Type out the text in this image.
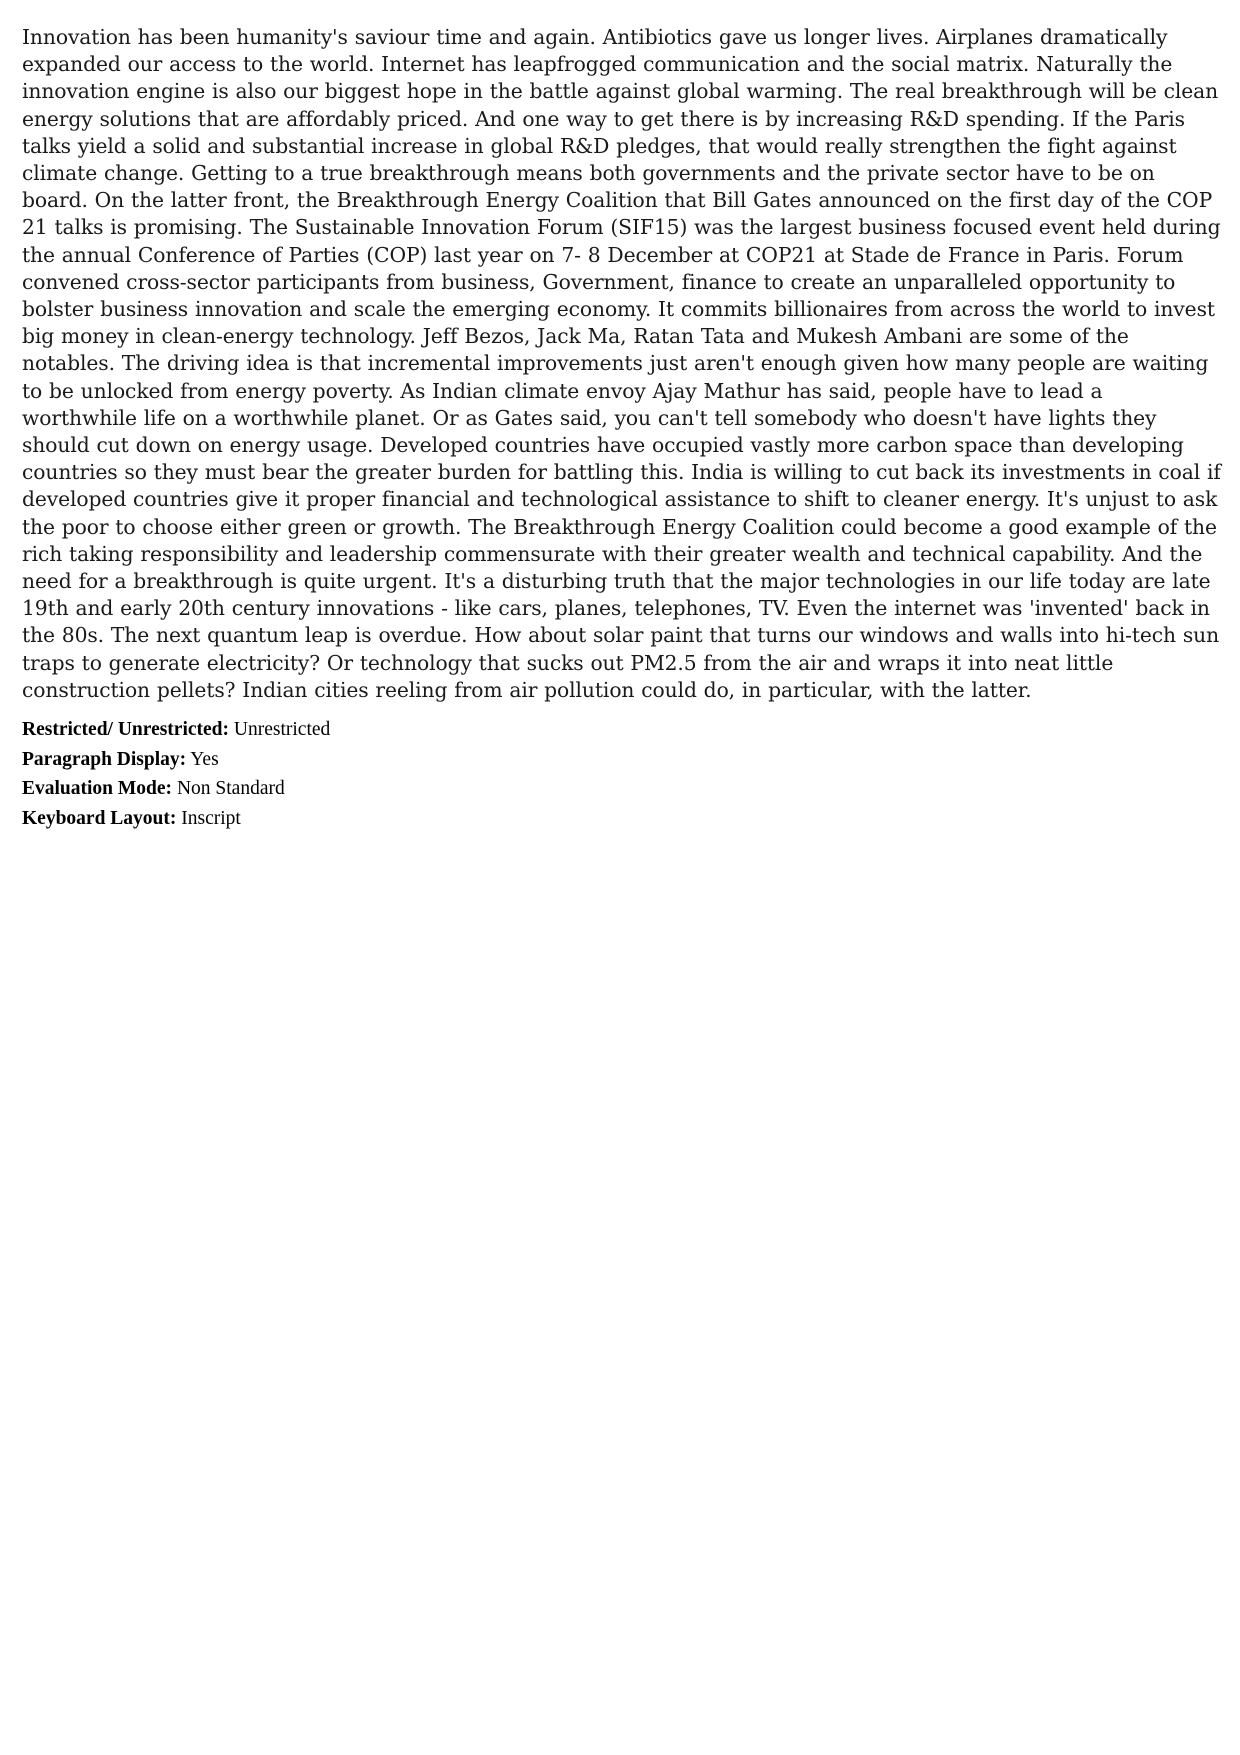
Innovation has been humanity's saviour time and again. Antibiotics gave us longer lives. Airplanes dramatically expanded our access to the world. Internet has leapfrogged communication and the social matrix. Naturally the innovation engine is also our biggest hope in the battle against global warming. The real breakthrough will be clean energy solutions that are affordably priced. And one way to get there is by increasing R&D spending. If the Paris talks yield a solid and substantial increase in global R&D pledges, that would really strengthen the fight against climate change. Getting to a true breakthrough means both governments and the private sector have to be on board. On the latter front, the Breakthrough Energy Coalition that Bill Gates announced on the first day of the COP 21 talks is promising. The Sustainable Innovation Forum (SIF15) was the largest business focused event held during the annual Conference of Parties (COP) last year on 7- 8 December at COP21 at Stade de France in Paris. Forum convened cross-sector participants from business, Government, finance to create an unparalleled opportunity to bolster business innovation and scale the emerging economy. It commits billionaires from across the world to invest big money in clean-energy technology. Jeff Bezos, Jack Ma, Ratan Tata and Mukesh Ambani are some of the notables. The driving idea is that incremental improvements just aren't enough given how many people are waiting to be unlocked from energy poverty. As Indian climate envoy Ajay Mathur has said, people have to lead a worthwhile life on a worthwhile planet. Or as Gates said, you can't tell somebody who doesn't have lights they should cut down on energy usage. Developed countries have occupied vastly more carbon space than developing countries so they must bear the greater burden for battling this. India is willing to cut back its investments in coal if developed countries give it proper financial and technological assistance to shift to cleaner energy. It's unjust to ask the poor to choose either green or growth. The Breakthrough Energy Coalition could become a good example of the rich taking responsibility and leadership commensurate with their greater wealth and technical capability. And the need for a breakthrough is quite urgent. It's a disturbing truth that the major technologies in our life today are late 19th and early 20th century innovations - like cars, planes, telephones, TV. Even the internet was 'invented' back in the 80s. The next quantum leap is overdue. How about solar paint that turns our windows and walls into hi-tech sun traps to generate electricity? Or technology that sucks out PM2.5 from the air and wraps it into neat little construction pellets? Indian cities reeling from air pollution could do, in particular, with the latter.

Restricted/ Unrestricted: Unrestricted
Paragraph Display: Yes
Evaluation Mode: Non Standard
Keyboard Layout: Inscript
